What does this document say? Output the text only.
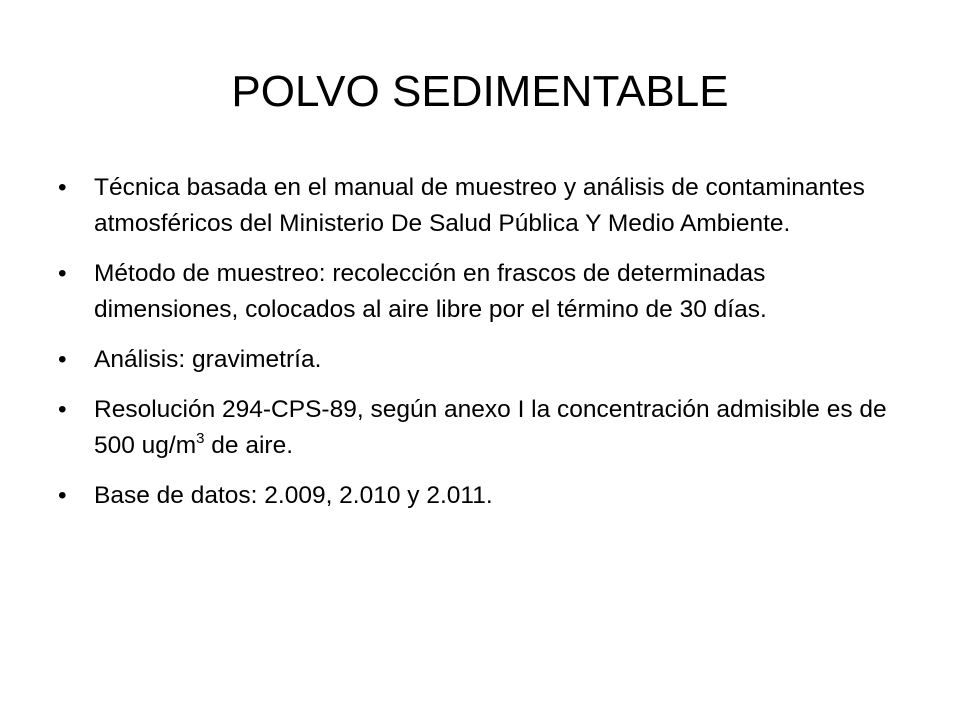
POLVO SEDIMENTABLE
•	Técnica basada en el manual de muestreo y análisis de contaminantes atmosféricos del Ministerio De Salud Pública Y Medio Ambiente.
•	Método de muestreo: recolección en frascos de determinadas dimensiones, colocados al aire libre por el término de 30 días.
•	Análisis: gravimetría.
•	Resolución 294-CPS-89, según anexo I la concentración admisible es de 500 $ug/m^3$ de aire.
•	Base de datos: 2.009, 2.010 y 2.011.
